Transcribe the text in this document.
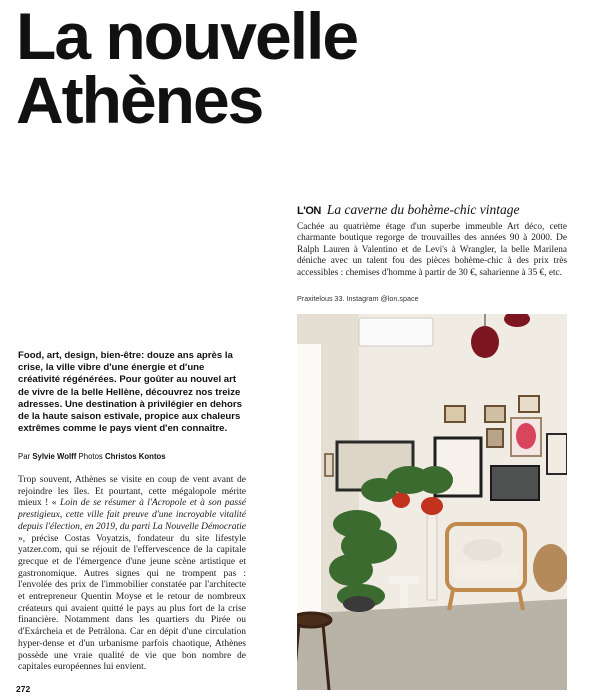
La nouvelle
Athènes

Food, art, design, bien-être: douze ans après la crise, la ville vibre d'une énergie et d'une créativité régénérées. Pour goûter au nouvel art de vivre de la belle Hellène, découvrez nos treize adresses. Une destination à privilégier en dehors de la haute saison estivale, propice aux chaleurs extrêmes comme le pays vient d'en connaître.

Par Sylvie Wolff Photos Christos Kontos

Trop souvent, Athènes se visite en coup de vent avant de rejoindre les îles. Et pourtant, cette mégalopole mérite mieux ! « Loin de se résumer à l'Acropole et à son passé prestigieux, cette ville fait preuve d'une incroyable vitalité depuis l'élection, en 2019, du parti La Nouvelle Démocratie », précise Costas Voyatzis, fondateur du site lifestyle yatzer.com, qui se réjouit de l'effervescence de la capitale grecque et de l'émergence d'une jeune scène artistique et gastronomique. Autres signes qui ne trompent pas : l'envolée des prix de l'immobilier constatée par l'architecte et entrepreneur Quentin Moyse et le retour de nombreux créateurs qui avaient quitté le pays au plus fort de la crise financière. Notamment dans les quartiers du Pirée ou d'Exárcheia et de Petrálona. Car en dépit d'une circulation hyper-dense et d'un urbanisme parfois chaotique, Athènes possède une vraie qualité de vie que bon nombre de capitales européennes lui envient.

272

L'ON La caverne du bohème-chic vintage

Cachée au quatrième étage d'un superbe immeuble Art déco, cette charmante boutique regorge de trouvailles des années 90 à 2000. De Ralph Lauren à Valentino et de Levi's à Wrangler, la belle Marilena déniche avec un talent fou des pièces bohème-chic à des prix très accessibles : chemises d'homme à partir de 30 €, saharienne à 35 €, etc.

Praxitelous 33. Instagram @lon.space
